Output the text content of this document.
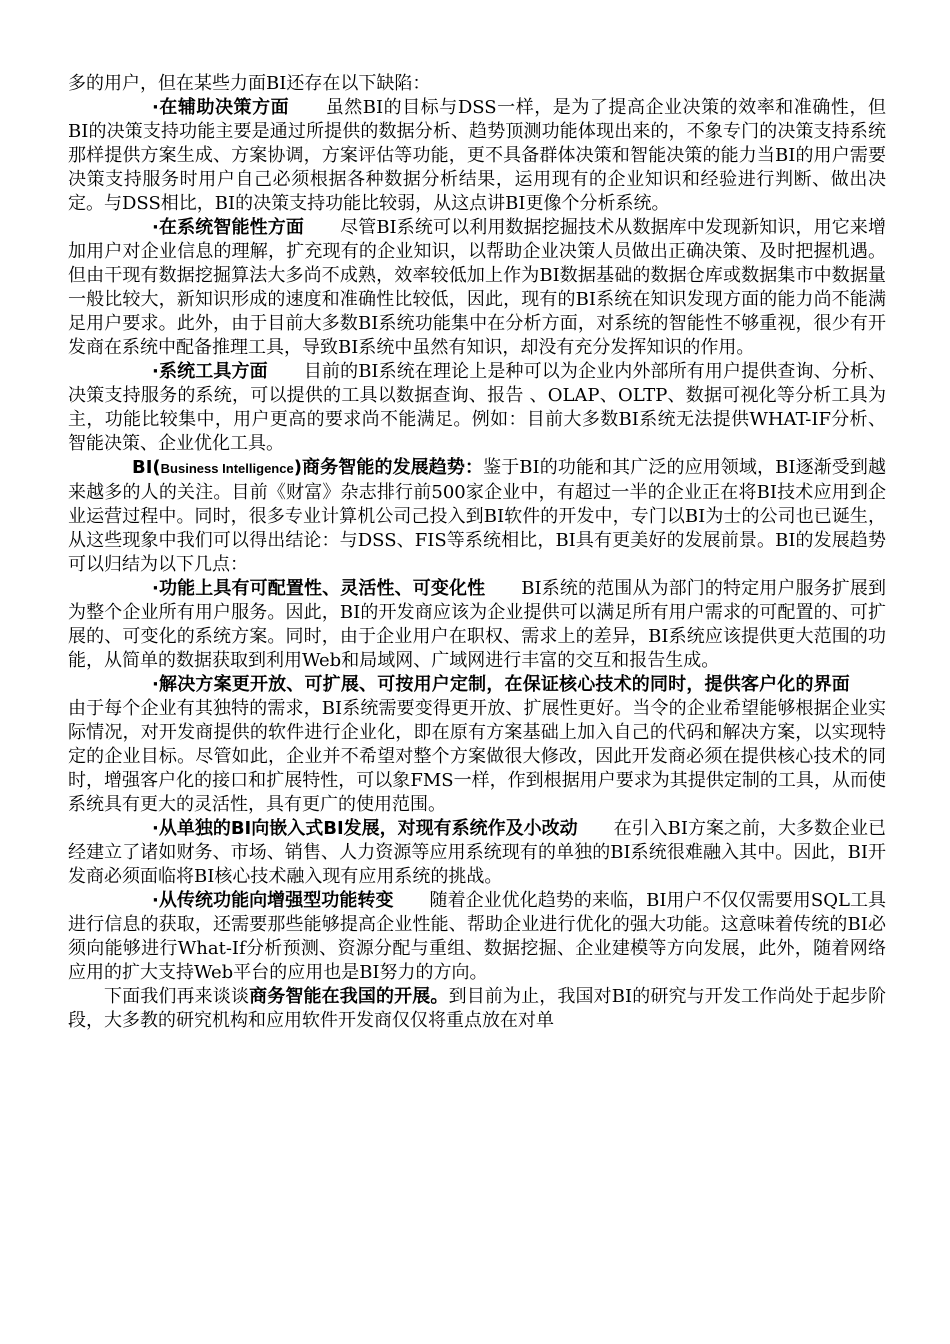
多的用户，但在某些力面BI还存在以下缺陷：

·在辅助决策方面 虽然BI的目标与DSS一样，是为了提高企业决策的效率和准确性，但BI的决策支持功能主要是通过所提供的数据分析、趋势顶测功能体现出来的，不象专门的决策支持系统那样提供方案生成、方案协调，方案评估等功能，更不具备群体决策和智能决策的能力当BI的用户需要决策支持服务时用户自己必须根据各种数据分析结果，运用现有的企业知识和经验进行判断、做出决定。与DSS相比，BI的决策支持功能比较弱，从这点讲BI更像个分析系统。

·在系统智能性方面 尽管BI系统可以利用数据挖掘技术从数据库中发现新知识，用它来增加用户对企业信息的理解，扩充现有的企业知识，以帮助企业决策人员做出正确决策、及时把握机遇。但由干现有数据挖掘算法大多尚不成熟，效率较低加上作为BI数据基础的数据仓库或数据集市中数据量一般比较大，新知识形成的速度和准确性比较低，因此，现有的BI系统在知识发现方面的能力尚不能满足用户要求。此外，由于目前大多数BI系统功能集中在分析方面，对系统的智能性不够重视，很少有开发商在系统中配备推理工具，导致BI系统中虽然有知识，却没有充分发挥知识的作用。

·系统工具方面 目前的BI系统在理论上是种可以为企业内外部所有用户提供查询、分析、决策支持服务的系统，可以提供的工具以数据查询、报告 、OLAP、OLTP、数据可视化等分析工具为主，功能比较集中，用户更高的要求尚不能满足。例如：目前大多数BI系统无法提供WHAT-IF分析、智能决策、企业优化工具。

BI(Business Intelligence)商务智能的发展趋势：鉴于BI的功能和其广泛的应用领域，BI逐渐受到越来越多的人的关注。目前《财富》杂志排行前500家企业中，有超过一半的企业正在将BI技术应用到企业运营过程中。同时，很多专业计算机公司己投入到BI软件的开发中，专门以BI为士的公司也已诞生，从这些现象中我们可以得出结论：与DSS、FIS等系统相比，BI具有更美好的发展前景。BI的发展趋势可以归结为以下几点：

·功能上具有可配置性、灵活性、可变化性 BI系统的范围从为部门的特定用户服务扩展到为整个企业所有用户服务。因此，BI的开发商应该为企业提供可以满足所有用户需求的可配置的、可扩展的、可变化的系统方案。同时，由于企业用户在职权、需求上的差异，BI系统应该提供更大范围的功能，从简单的数据获取到利用Web和局域网、广域网进行丰富的交互和报告生成。

·解决方案更开放、可扩展、可按用户定制，在保证核心技术的同时，提供客户化的界面由于每个企业有其独特的需求，BI系统需要变得更开放、扩展性更好。当令的企业希望能够根据企业实际情况，对开发商提供的软件进行企业化，即在原有方案基础上加入自己的代码和解决方案，以实现特定的企业目标。尽管如此，企业并不希望对整个方案做很大修改，因此开发商必须在提供核心技术的同时，增强客户化的接口和扩展特性，可以象FMS一样，作到根据用户要求为其提供定制的工具，从而使系统具有更大的灵活性，具有更广的使用范围。

·从单独的BI向嵌入式BI发展，对现有系统作及小改动 在引入BI方案之前，大多数企业已经建立了诸如财务、市场、销售、人力资源等应用系统现有的单独的BI系统很难融入其中。因此，BI开发商必须面临将BI核心技术融入现有应用系统的挑战。

·从传统功能向增强型功能转变 随着企业优化趋势的来临，BI用户不仅仅需要用SQL工具进行信息的获取，还需要那些能够提高企业性能、帮助企业进行优化的强大功能。这意味着传统的BI必须向能够进行What-If分析预测、资源分配与重组、数据挖掘、企业建模等方向发展，此外，随着网络应用的扩大支持Web平台的应用也是BI努力的方向。

下面我们再来谈谈商务智能在我国的开展。到目前为止，我国对BI的研究与开发工作尚处于起步阶段，大多教的研究机构和应用软件开发商仅仅将重点放在对单
